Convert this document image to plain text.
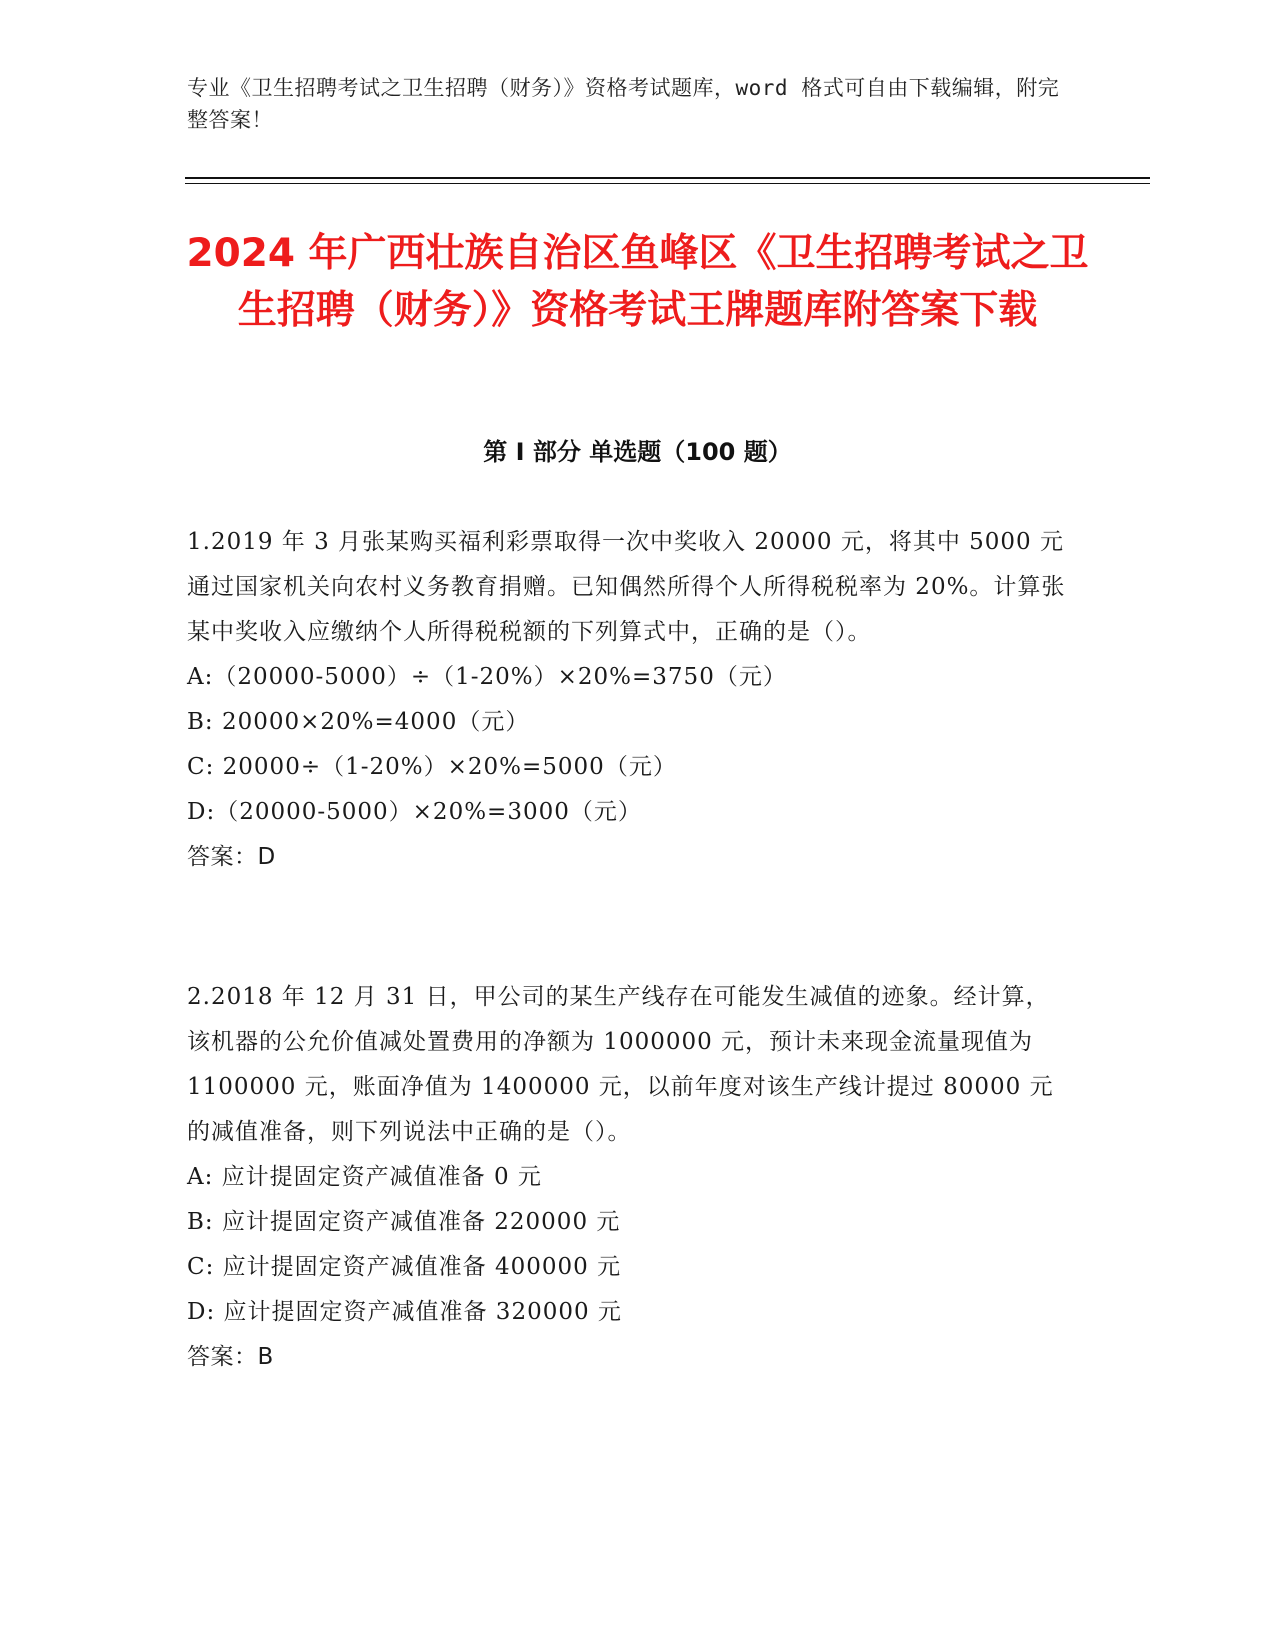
专业《卫生招聘考试之卫生招聘（财务）》资格考试题库，word 格式可自由下载编辑，附完整答案！
2024 年广西壮族自治区鱼峰区《卫生招聘考试之卫生招聘（财务）》资格考试王牌题库附答案下载
第 I 部分 单选题（100 题）

1.2019 年 3 月张某购买福利彩票取得一次中奖收入 20000 元，将其中 5000 元通过国家机关向农村义务教育捐赠。已知偶然所得个人所得税税率为 20%。计算张某中奖收入应缴纳个人所得税税额的下列算式中，正确的是（）。

A:（20000-5000）÷（1-20%）×20%=3750（元）

B: 20000×20%=4000（元）

C: 20000÷（1-20%）×20%=5000（元）

D:（20000-5000）×20%=3000（元）

答案：D

2.2018 年 12 月 31 日，甲公司的某生产线存在可能发生减值的迹象。经计算，该机器的公允价值减处置费用的净额为 1000000 元，预计未来现金流量现值为 1100000 元，账面净值为 1400000 元，以前年度对该生产线计提过 80000 元的减值准备，则下列说法中正确的是（）。

A: 应计提固定资产减值准备 0 元

B: 应计提固定资产减值准备 220000 元

C: 应计提固定资产减值准备 400000 元

D: 应计提固定资产减值准备 320000 元

答案：B
